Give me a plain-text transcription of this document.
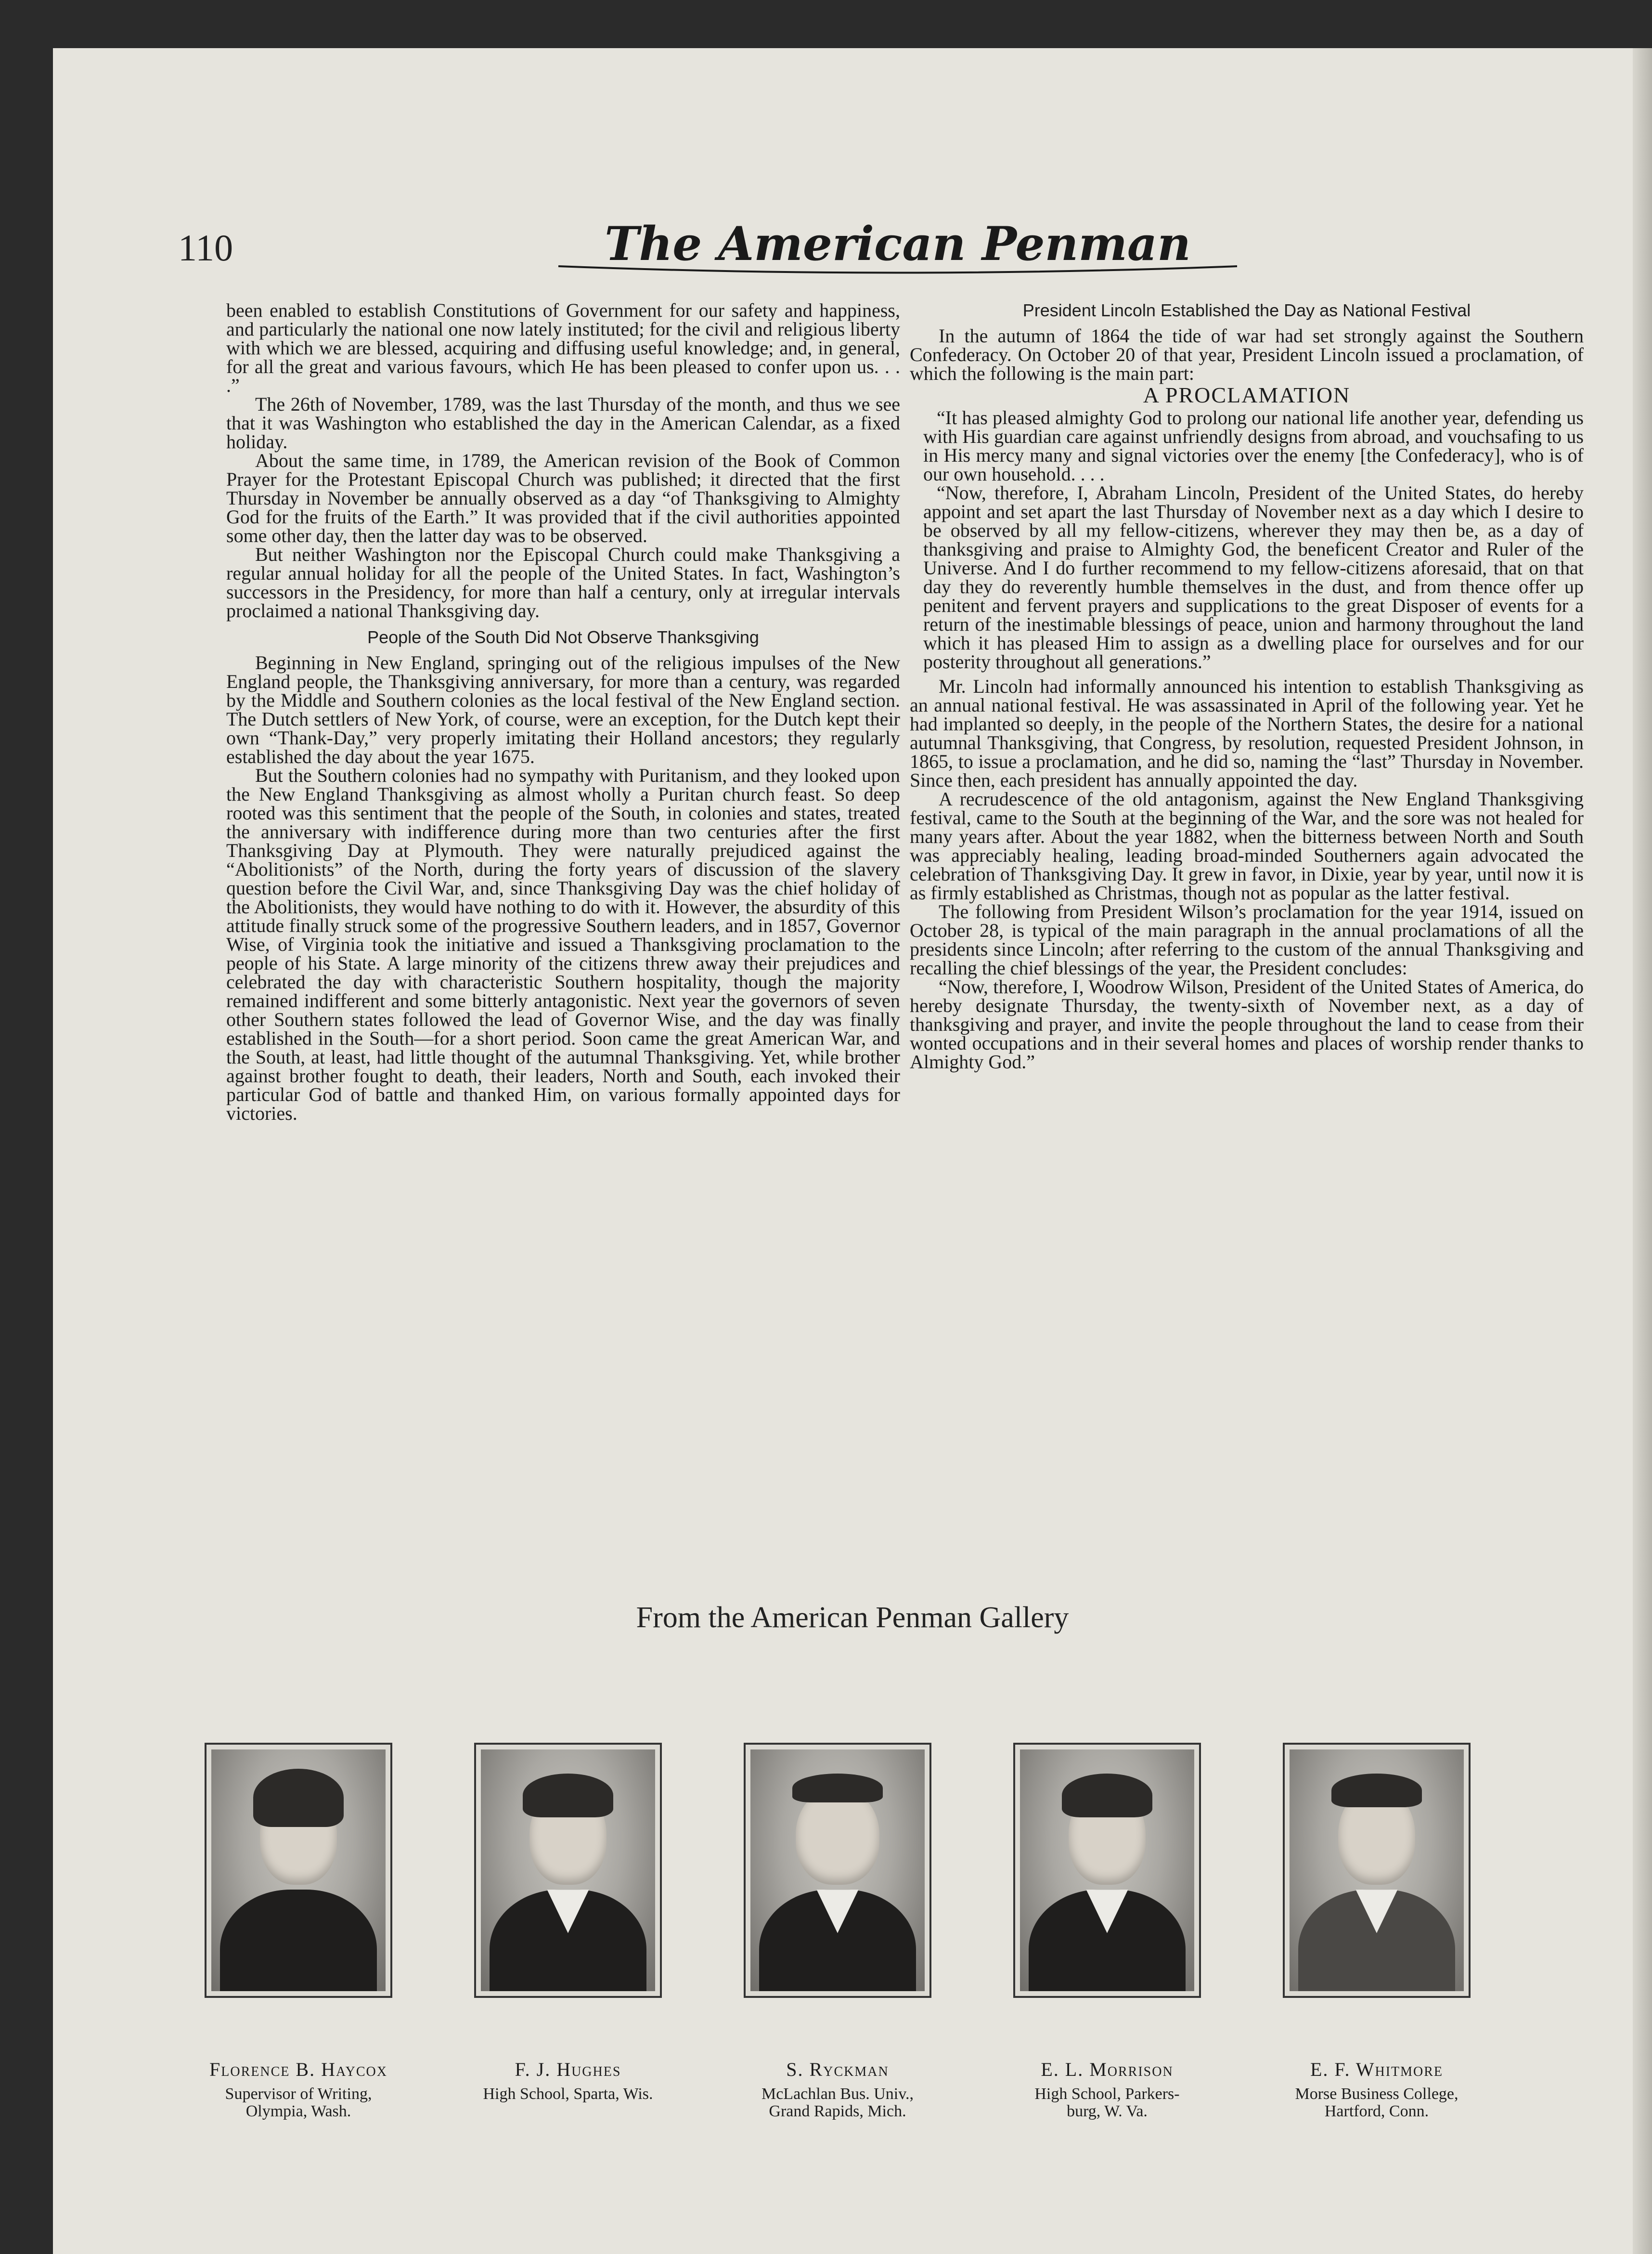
110	The American Penman

been enabled to establish Constitutions of Government for our safety and happiness, and particularly the national one now lately instituted; for the civil and religious liberty with which we are blessed, acquiring and diffusing useful knowledge; and, in general, for all the great and various favours, which He has been pleased to confer upon us. . . .”

The 26th of November, 1789, was the last Thursday of the month, and thus we see that it was Washington who established the day in the American Calendar, as a fixed holiday.

About the same time, in 1789, the American revision of the Book of Common Prayer for the Protestant Episcopal Church was published; it directed that the first Thursday in November be annually observed as a day “of Thanksgiving to Almighty God for the fruits of the Earth.” It was provided that if the civil authorities appointed some other day, then the latter day was to be observed.

But neither Washington nor the Episcopal Church could make Thanksgiving a regular annual holiday for all the people of the United States. In fact, Washington’s successors in the Presidency, for more than half a century, only at irregular intervals proclaimed a national Thanksgiving day.

People of the South Did Not Observe Thanksgiving

Beginning in New England, springing out of the religious impulses of the New England people, the Thanksgiving anniversary, for more than a century, was regarded by the Middle and Southern colonies as the local festival of the New England section. The Dutch settlers of New York, of course, were an exception, for the Dutch kept their own “Thank-Day,” very properly imitating their Holland ancestors; they regularly established the day about the year 1675.

But the Southern colonies had no sympathy with Puritanism, and they looked upon the New England Thanksgiving as almost wholly a Puritan church feast. So deep rooted was this sentiment that the people of the South, in colonies and states, treated the anniversary with indifference during more than two centuries after the first Thanksgiving Day at Plymouth. They were naturally prejudiced against the “Abolitionists” of the North, during the forty years of discussion of the slavery question before the Civil War, and, since Thanksgiving Day was the chief holiday of the Abolitionists, they would have nothing to do with it. However, the absurdity of this attitude finally struck some of the progressive Southern leaders, and in 1857, Governor Wise, of Virginia took the initiative and issued a Thanksgiving proclamation to the people of his State. A large minority of the citizens threw away their prejudices and celebrated the day with characteristic Southern hospitality, though the majority remained indifferent and some bitterly antagonistic. Next year the governors of seven other Southern states followed the lead of Governor Wise, and the day was finally established in the South—for a short period. Soon came the great American War, and the South, at least, had little thought of the autumnal Thanksgiving. Yet, while brother against brother fought to death, their leaders, North and South, each invoked their particular God of battle and thanked Him, on various formally appointed days for victories.

President Lincoln Established the Day as National Festival

In the autumn of 1864 the tide of war had set strongly against the Southern Confederacy. On October 20 of that year, President Lincoln issued a proclamation, of which the following is the main part:

A PROCLAMATION

“It has pleased almighty God to prolong our national life another year, defending us with His guardian care against unfriendly designs from abroad, and vouchsafing to us in His mercy many and signal victories over the enemy [the Confederacy], who is of our own household. . . .

“Now, therefore, I, Abraham Lincoln, President of the United States, do hereby appoint and set apart the last Thursday of November next as a day which I desire to be observed by all my fellow-citizens, wherever they may then be, as a day of thanksgiving and praise to Almighty God, the beneficent Creator and Ruler of the Universe. And I do further recommend to my fellow-citizens aforesaid, that on that day they do reverently humble themselves in the dust, and from thence offer up penitent and fervent prayers and supplications to the great Disposer of events for a return of the inestimable blessings of peace, union and harmony throughout the land which it has pleased Him to assign as a dwelling place for ourselves and for our posterity throughout all generations.”

Mr. Lincoln had informally announced his intention to establish Thanksgiving as an annual national festival. He was assassinated in April of the following year. Yet he had implanted so deeply, in the people of the Northern States, the desire for a national autumnal Thanksgiving, that Congress, by resolution, requested President Johnson, in 1865, to issue a proclamation, and he did so, naming the “last” Thursday in November. Since then, each president has annually appointed the day.

A recrudescence of the old antagonism, against the New England Thanksgiving festival, came to the South at the beginning of the War, and the sore was not healed for many years after. About the year 1882, when the bitterness between North and South was appreciably healing, leading broad-minded Southerners again advocated the celebration of Thanksgiving Day. It grew in favor, in Dixie, year by year, until now it is as firmly established as Christmas, though not as popular as the latter festival.

The following from President Wilson’s proclamation for the year 1914, issued on October 28, is typical of the main paragraph in the annual proclamations of all the presidents since Lincoln; after referring to the custom of the annual Thanksgiving and recalling the chief blessings of the year, the President concludes:

“Now, therefore, I, Woodrow Wilson, President of the United States of America, do hereby designate Thursday, the twenty-sixth of November next, as a day of thanksgiving and prayer, and invite the people throughout the land to cease from their wonted occupations and in their several homes and places of worship render thanks to Almighty God.”

From the American Penman Gallery
Florence B. Haycox
Supervisor of Writing,
Olympia, Wash.
F. J. Hughes
High School, Sparta, Wis.
S. Ryckman
McLachlan Bus. Univ.,
Grand Rapids, Mich.
E. L. Morrison
High School, Parkers-
burg, W. Va.
E. F. Whitmore
Morse Business College,
Hartford, Conn.
